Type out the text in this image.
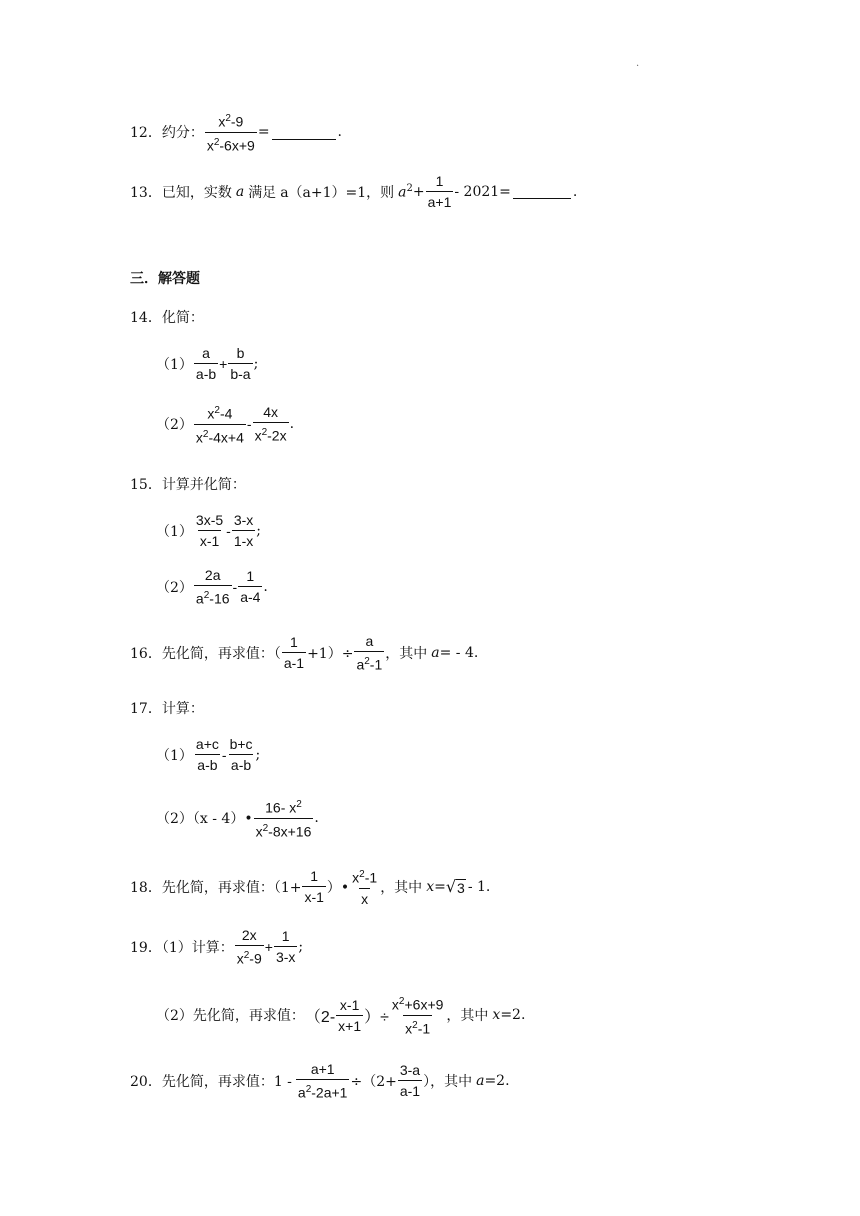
.
12．约分： $\frac{x^2-9}{x^2-6x+9}$ =	.
13．已知，实数 a 满足 a（a+1）=1，则 $a^2 + \frac{1}{a+1} - 2021=$	.
三．解答题
14．化简：
$(1) \frac{a}{a-b} + \frac{b}{b-a}$ ;
$(2) \frac{x^2-4}{x^2-4x+4} - \frac{4x}{x^2-2x}$ .
15．计算并化简：
$(1) \frac{3x-5}{x-1} - \frac{3-x}{1-x}$ ;
$(2) \frac{2a}{a^2-16} - \frac{1}{a-4}$ .
16．先化简，再求值：（ $\frac{1}{a-1} +1)\div \frac{a}{a^2-1}$ ，其中 a = - 4.
17．计算：
$(1) \frac{a+c}{a-b} - \frac{b+c}{a-b}$ ;
（2）（x - 4）• $\frac{16- x^2}{x^2-8x+16}$ .
18．先化简，再求值：（$1+ \frac{1}{x-1}$ ）• $\frac{x^2-1}{x}$ ，其中 x = √ 3 - 1.
19．（1）计算： $\frac{2x}{x^2-9} + \frac{1}{3-x}$ ;
（2）先化简，再求值： （$2- \frac{x-1}{x+1}$ ）÷ $\frac{x^2+6x+9}{x^2-1}$ ，其中 x =2.
20．先化简，再求值：$1 - \frac{a+1}{a^2-2a+1} \div(2+ \frac{3-a}{a-1}$ ），其中 a =2.
